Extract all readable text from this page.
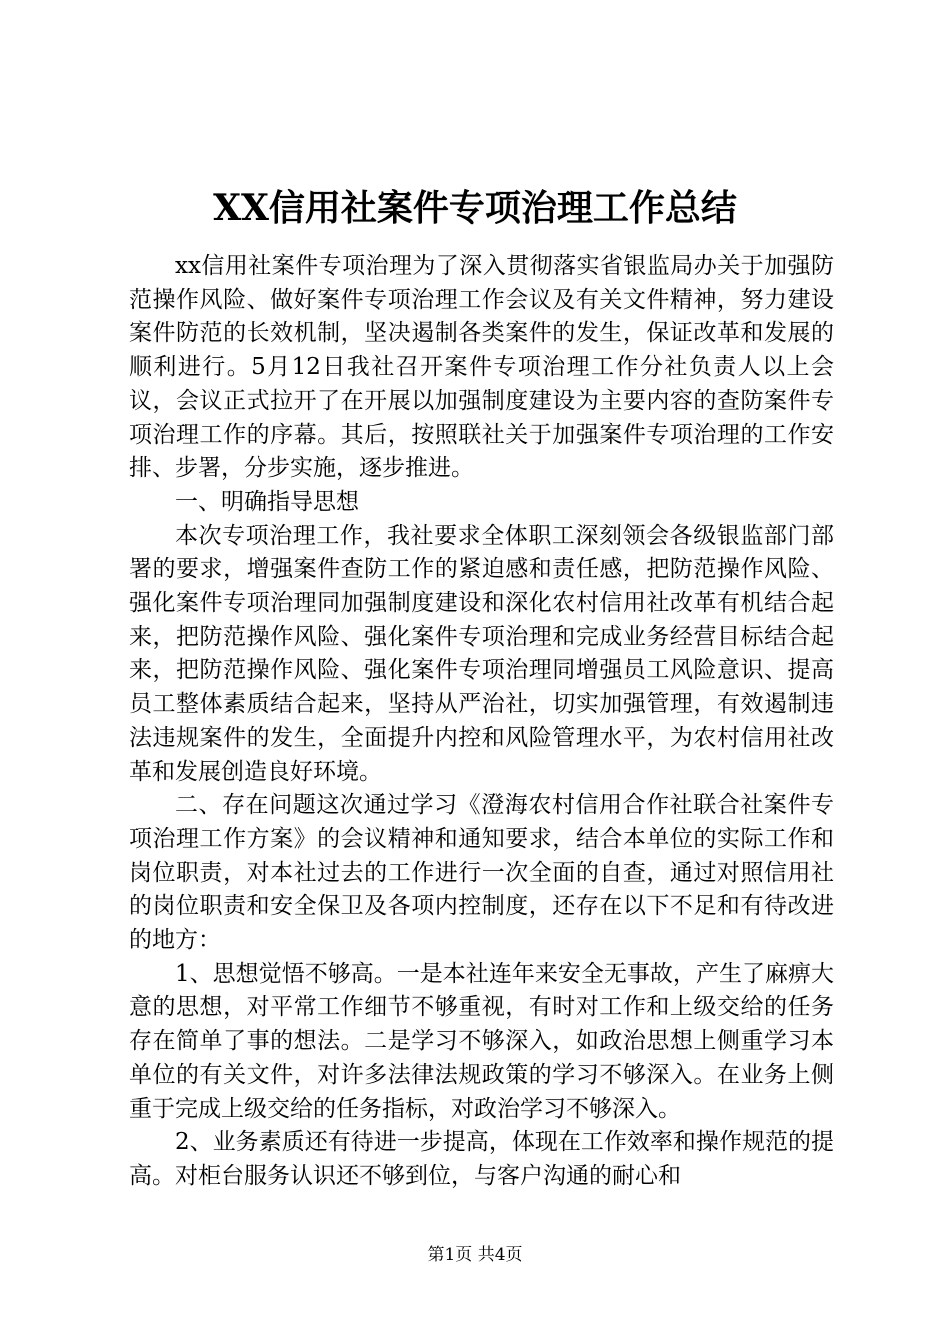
XX信用社案件专项治理工作总结

xx信用社案件专项治理为了深入贯彻落实省银监局办关于加强防范操作风险、做好案件专项治理工作会议及有关文件精神，努力建设案件防范的长效机制，坚决遏制各类案件的发生，保证改革和发展的顺利进行。5月12日我社召开案件专项治理工作分社负责人以上会议，会议正式拉开了在开展以加强制度建设为主要内容的查防案件专项治理工作的序幕。其后，按照联社关于加强案件专项治理的工作安排、步署，分步实施，逐步推进。

一、明确指导思想

本次专项治理工作，我社要求全体职工深刻领会各级银监部门部署的要求，增强案件查防工作的紧迫感和责任感，把防范操作风险、强化案件专项治理同加强制度建设和深化农村信用社改革有机结合起来，把防范操作风险、强化案件专项治理和完成业务经营目标结合起来，把防范操作风险、强化案件专项治理同增强员工风险意识、提高员工整体素质结合起来，坚持从严治社，切实加强管理，有效遏制违法违规案件的发生，全面提升内控和风险管理水平，为农村信用社改革和发展创造良好环境。

二、存在问题这次通过学习《澄海农村信用合作社联合社案件专项治理工作方案》的会议精神和通知要求，结合本单位的实际工作和岗位职责，对本社过去的工作进行一次全面的自查，通过对照信用社的岗位职责和安全保卫及各项内控制度，还存在以下不足和有待改进的地方：

1、思想觉悟不够高。一是本社连年来安全无事故，产生了麻痹大意的思想，对平常工作细节不够重视，有时对工作和上级交给的任务存在简单了事的想法。二是学习不够深入，如政治思想上侧重学习本单位的有关文件，对许多法律法规政策的学习不够深入。在业务上侧重于完成上级交给的任务指标，对政治学习不够深入。

2、业务素质还有待进一步提高，体现在工作效率和操作规范的提高。对柜台服务认识还不够到位，与客户沟通的耐心和

第1页 共4页
